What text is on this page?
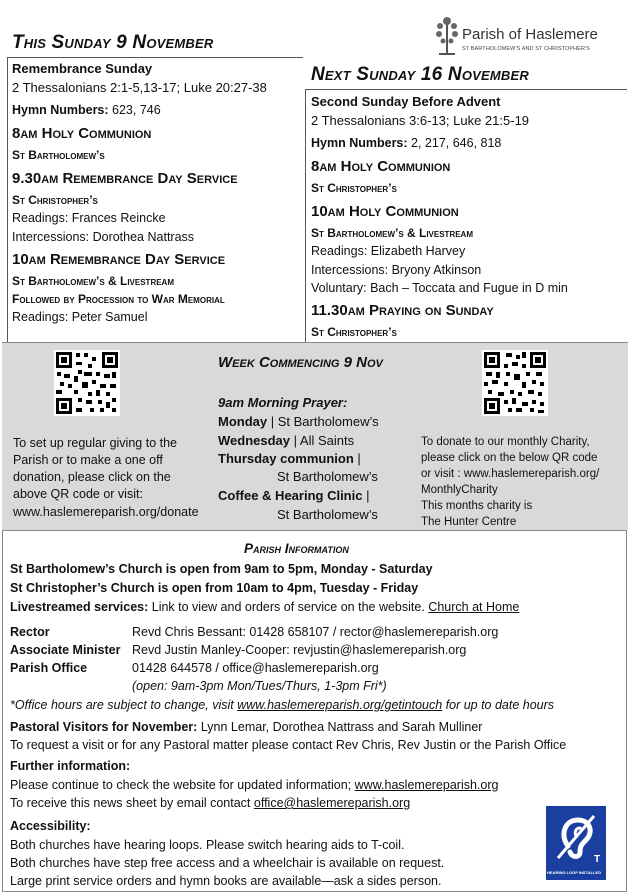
Parish of Haslemere
ST BARTHOLOMEW'S AND ST CHRISTOPHER'S
This Sunday 9 November
Remembrance Sunday
2 Thessalonians 2:1-5,13-17; Luke 20:27-38
Hymn Numbers: 623, 746
8am Holy Communion
St Bartholomew’s
9.30am Remembrance Day Service
St Christopher’s
Readings: Frances Reincke
Intercessions: Dorothea Nattrass
10am Remembrance Day Service
St Bartholomew’s & Livestream
Followed by Procession to War Memorial
Readings: Peter Samuel
Next Sunday 16 November
Second Sunday Before Advent
2 Thessalonians 3:6-13; Luke 21:5-19
Hymn Numbers: 2, 217, 646, 818
8am Holy Communion
St Christopher’s
10am Holy Communion
St Bartholomew’s & Livestream
Readings: Elizabeth Harvey
Intercessions: Bryony Atkinson
Voluntary: Bach – Toccata and Fugue in D min
11.30am Praying on Sunday
St Christopher’s
Week Commencing 9 Nov
9am Morning Prayer:
Monday | St Bartholomew’s
Wednesday | All Saints
Thursday communion |
St Bartholomew’s
Coffee & Hearing Clinic |
St Bartholomew’s
To set up regular giving to the
Parish or to make a one off
donation, please click on the
above QR code or visit:
www.haslemereparish.org/donate
To donate to our monthly Charity,
please click on the below QR code
or visit : www.haslemereparish.org/
MonthlyCharity
This months charity is
The Hunter Centre
Parish Information
St Bartholomew’s Church is open from 9am to 5pm, Monday - Saturday
St Christopher’s Church is open from 10am to 4pm, Tuesday - Friday
Livestreamed services: Link to view and orders of service on the website. Church at Home
Rector	Revd Chris Bessant: 01428 658107 / rector@haslemereparish.org
Associate Minister Revd Justin Manley-Cooper: revjustin@haslemereparish.org
Parish Office	01428 644578 / office@haslemereparish.org
(open: 9am-3pm Mon/Tues/Thurs, 1-3pm Fri*)
*Office hours are subject to change, visit www.haslemereparish.org/getintouch for up to date hours
Pastoral Visitors for November: Lynn Lemar, Dorothea Nattrass and Sarah Mulliner
To request a visit or for any Pastoral matter please contact Rev Chris, Rev Justin or the Parish Office
Further information:
Please continue to check the website for updated information; www.haslemereparish.org
To receive this news sheet by email contact office@haslemereparish.org
Accessibility:
Both churches have hearing loops. Please switch hearing aids to T-coil.
Both churches have step free access and a wheelchair is available on request.
Large print service orders and hymn books are available—ask a sides person.
T
HEARING LOOP INSTALLED
